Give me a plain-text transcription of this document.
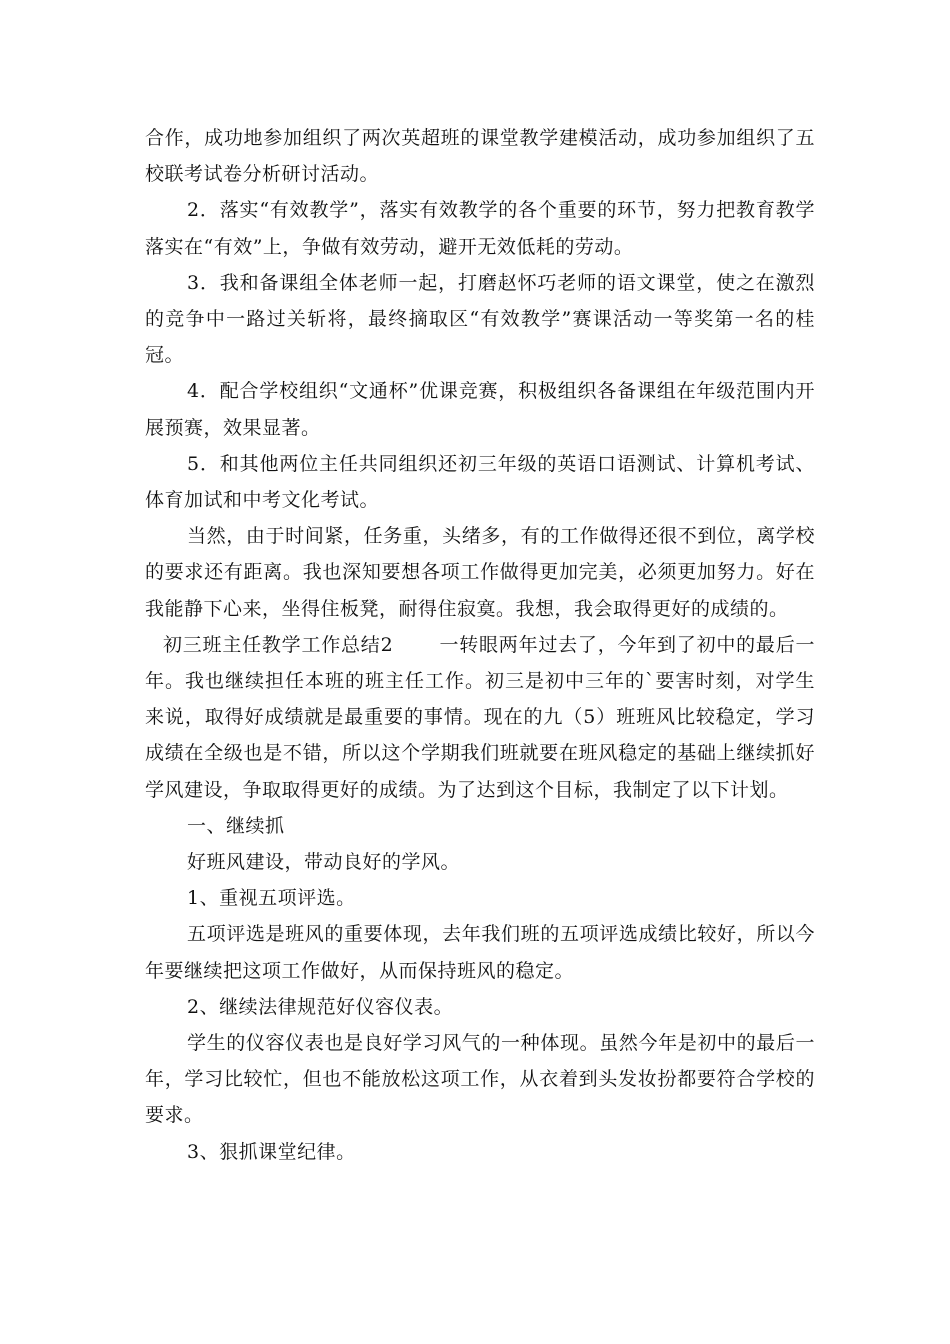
合作，成功地参加组织了两次英超班的课堂教学建模活动，成功参加组织了五校联考试卷分析研讨活动。

2．落实“有效教学”，落实有效教学的各个重要的环节，努力把教育教学落实在“有效”上，争做有效劳动，避开无效低耗的劳动。

3．我和备课组全体老师一起，打磨赵怀巧老师的语文课堂，使之在激烈的竞争中一路过关斩将，最终摘取区“有效教学”赛课活动一等奖第一名的桂冠。

4．配合学校组织“文通杯”优课竞赛，积极组织各备课组在年级范围内开展预赛，效果显著。

5．和其他两位主任共同组织还初三年级的英语口语测试、计算机考试、体育加试和中考文化考试。

当然，由于时间紧，任务重，头绪多，有的工作做得还很不到位，离学校的要求还有距离。我也深知要想各项工作做得更加完美，必须更加努力。好在我能静下心来，坐得住板凳，耐得住寂寞。我想，我会取得更好的成绩的。

初三班主任教学工作总结2 一转眼两年过去了，今年到了初中的最后一年。我也继续担任本班的班主任工作。初三是初中三年的`要害时刻，对学生来说，取得好成绩就是最重要的事情。现在的九（5）班班风比较稳定，学习成绩在全级也是不错，所以这个学期我们班就要在班风稳定的基础上继续抓好学风建设，争取取得更好的成绩。为了达到这个目标，我制定了以下计划。

一、继续抓

好班风建设，带动良好的学风。

1、重视五项评选。

五项评选是班风的重要体现，去年我们班的五项评选成绩比较好，所以今年要继续把这项工作做好，从而保持班风的稳定。

2、继续法律规范好仪容仪表。

学生的仪容仪表也是良好学习风气的一种体现。虽然今年是初中的最后一年，学习比较忙，但也不能放松这项工作，从衣着到头发妆扮都要符合学校的要求。

3、狠抓课堂纪律。
